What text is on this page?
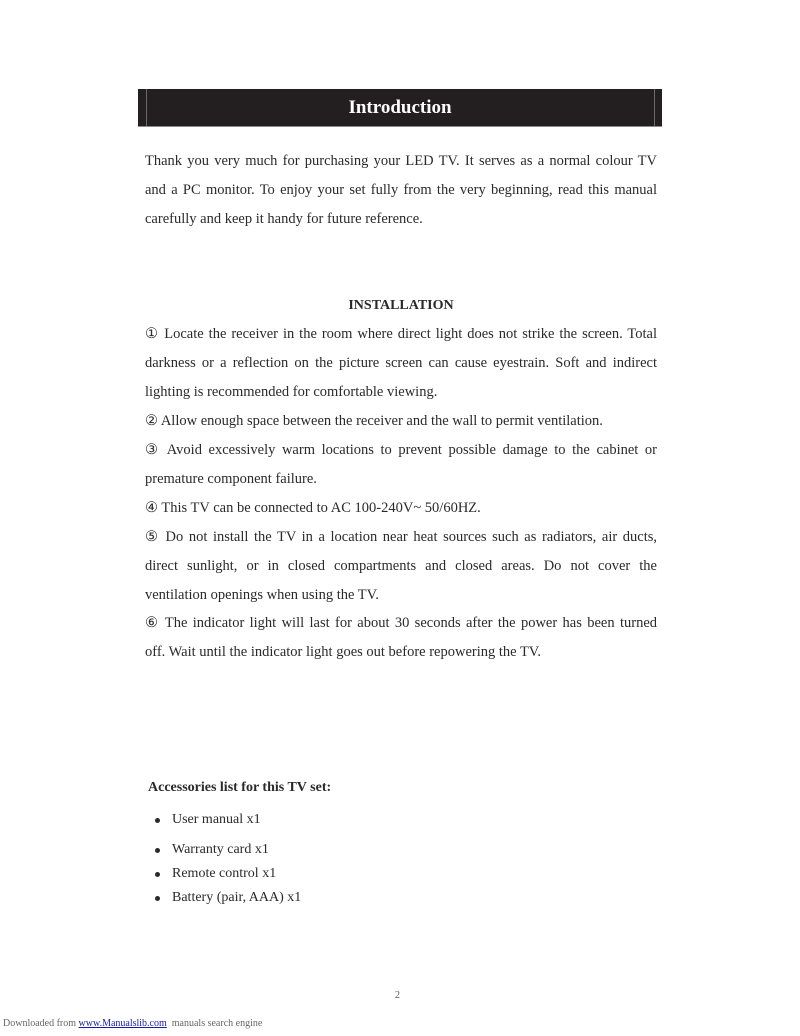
Introduction

Thank you very much for purchasing your LED TV. It serves as a normal colour TV
and a PC monitor. To enjoy your set fully from the very beginning, read this manual
carefully and keep it handy for future reference.

INSTALLATION

① Locate the receiver in the room where direct light does not strike the screen. Total
darkness or a reflection on the picture screen can cause eyestrain. Soft and indirect
lighting is recommended for comfortable viewing.

② Allow enough space between the receiver and the wall to permit ventilation.

③ Avoid excessively warm locations to prevent possible damage to the cabinet or
premature component failure.

④ This TV can be connected to AC 100-240V~ 50/60HZ.

⑤ Do not install the TV in a location near heat sources such as radiators, air ducts,
direct sunlight, or in closed compartments and closed areas. Do not cover the
ventilation openings when using the TV.

⑥ The indicator light will last for about 30 seconds after the power has been turned
off. Wait until the indicator light goes out before repowering the TV.

Accessories list for this TV set:
User manual x1
Warranty card x1
Remote control x1
Battery (pair, AAA) x1
2
Downloaded from www.Manualslib.com  manuals search engine
